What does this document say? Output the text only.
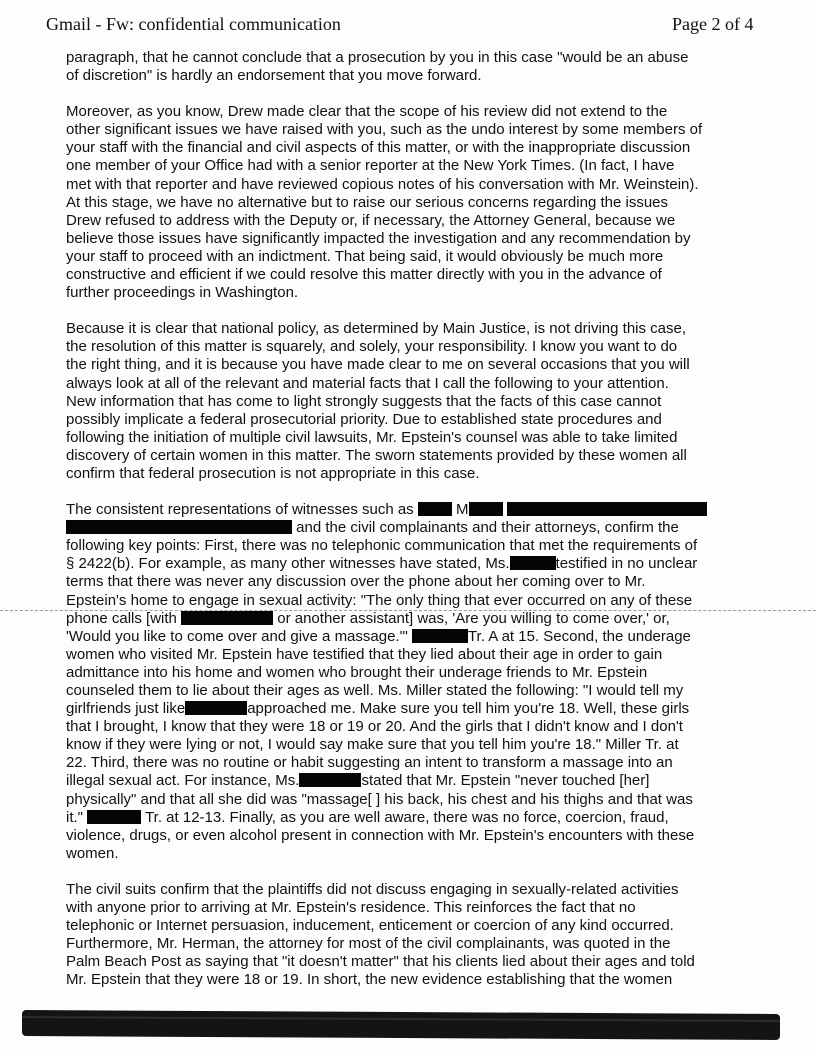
Gmail - Fw: confidential communication	Page 2 of 4
paragraph, that he cannot conclude that a prosecution by you in this case "would be an abuse
of discretion" is hardly an endorsement that you move forward.
Moreover, as you know, Drew made clear that the scope of his review did not extend to the
other significant issues we have raised with you, such as the undo interest by some members of
your staff with the financial and civil aspects of this matter, or with the inappropriate discussion
one member of your Office had with a senior reporter at the New York Times. (In fact, I have
met with that reporter and have reviewed copious notes of his conversation with Mr. Weinstein).
At this stage, we have no alternative but to raise our serious concerns regarding the issues
Drew refused to address with the Deputy or, if necessary, the Attorney General, because we
believe those issues have significantly impacted the investigation and any recommendation by
your staff to proceed with an indictment. That being said, it would obviously be much more
constructive and efficient if we could resolve this matter directly with you in the advance of
further proceedings in Washington.
Because it is clear that national policy, as determined by Main Justice, is not driving this case,
the resolution of this matter is squarely, and solely, your responsibility. I know you want to do
the right thing, and it is because you have made clear to me on several occasions that you will
always look at all of the relevant and material facts that I call the following to your attention.
New information that has come to light strongly suggests that the facts of this case cannot
possibly implicate a federal prosecutorial priority. Due to established state procedures and
following the initiation of multiple civil lawsuits, Mr. Epstein's counsel was able to take limited
discovery of certain women in this matter. The sworn statements provided by these women all
confirm that federal prosecution is not appropriate in this case.
The consistent representations of witnesses such as  M
and the civil complainants and their attorneys, confirm the
following key points: First, there was no telephonic communication that met the requirements of
§ 2422(b). For example, as many other witnesses have stated, Ms.	testified in no unclear
terms that there was never any discussion over the phone about her coming over to Mr.
Epstein's home to engage in sexual activity: "The only thing that ever occurred on any of these
phone calls [with	or another assistant] was, 'Are you willing to come over,' or,
'Would you like to come over and give a massage.'"	Tr. A at 15. Second, the underage
women who visited Mr. Epstein have testified that they lied about their age in order to gain
admittance into his home and women who brought their underage friends to Mr. Epstein
counseled them to lie about their ages as well. Ms. Miller stated the following: "I would tell my
girlfriends just like	approached me. Make sure you tell him you're 18. Well, these girls
that I brought, I know that they were 18 or 19 or 20. And the girls that I didn't know and I don't
know if they were lying or not, I would say make sure that you tell him you're 18." Miller Tr. at
22. Third, there was no routine or habit suggesting an intent to transform a massage into an
illegal sexual act. For instance, Ms.	stated that Mr. Epstein "never touched [her]
physically" and that all she did was "massage[ ] his back, his chest and his thighs and that was
it."	Tr. at 12-13. Finally, as you are well aware, there was no force, coercion, fraud,
violence, drugs, or even alcohol present in connection with Mr. Epstein's encounters with these
women.
The civil suits confirm that the plaintiffs did not discuss engaging in sexually-related activities
with anyone prior to arriving at Mr. Epstein's residence. This reinforces the fact that no
telephonic or Internet persuasion, inducement, enticement or coercion of any kind occurred.
Furthermore, Mr. Herman, the attorney for most of the civil complainants, was quoted in the
Palm Beach Post as saying that "it doesn't matter" that his clients lied about their ages and told
Mr. Epstein that they were 18 or 19. In short, the new evidence establishing that the women
